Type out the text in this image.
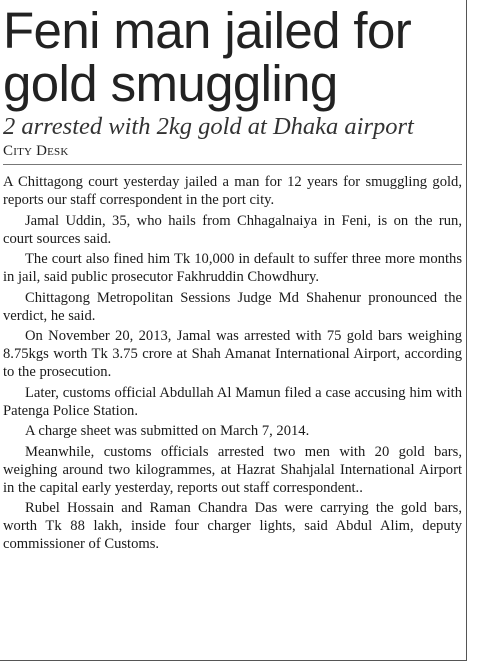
Feni man jailed for
gold smuggling
2 arrested with 2kg gold at Dhaka airport
City Desk

A Chittagong court yesterday jailed a man for 12 years for smuggling gold, reports our staff correspondent in the port city.

Jamal Uddin, 35, who hails from Chhagalnaiya in Feni, is on the run, court sources said.

The court also fined him Tk 10,000 in default to suffer three more months in jail, said public prosecutor Fakhruddin Chowdhury.

Chittagong Metropolitan Sessions Judge Md Shahenur pronounced the verdict, he said.

On November 20, 2013, Jamal was arrested with 75 gold bars weighing 8.75kgs worth Tk 3.75 crore at Shah Amanat International Airport, according to the prosecution.

Later, customs official Abdullah Al Mamun filed a case accusing him with Patenga Police Station.

A charge sheet was submitted on March 7, 2014.

Meanwhile, customs officials arrested two men with 20 gold bars, weighing around two kilogrammes, at Hazrat Shahjalal International Airport in the capital early yesterday, reports out staff correspondent..

Rubel Hossain and Raman Chandra Das were carrying the gold bars, worth Tk 88 lakh, inside four charger lights, said Abdul Alim, deputy commissioner of Customs.
